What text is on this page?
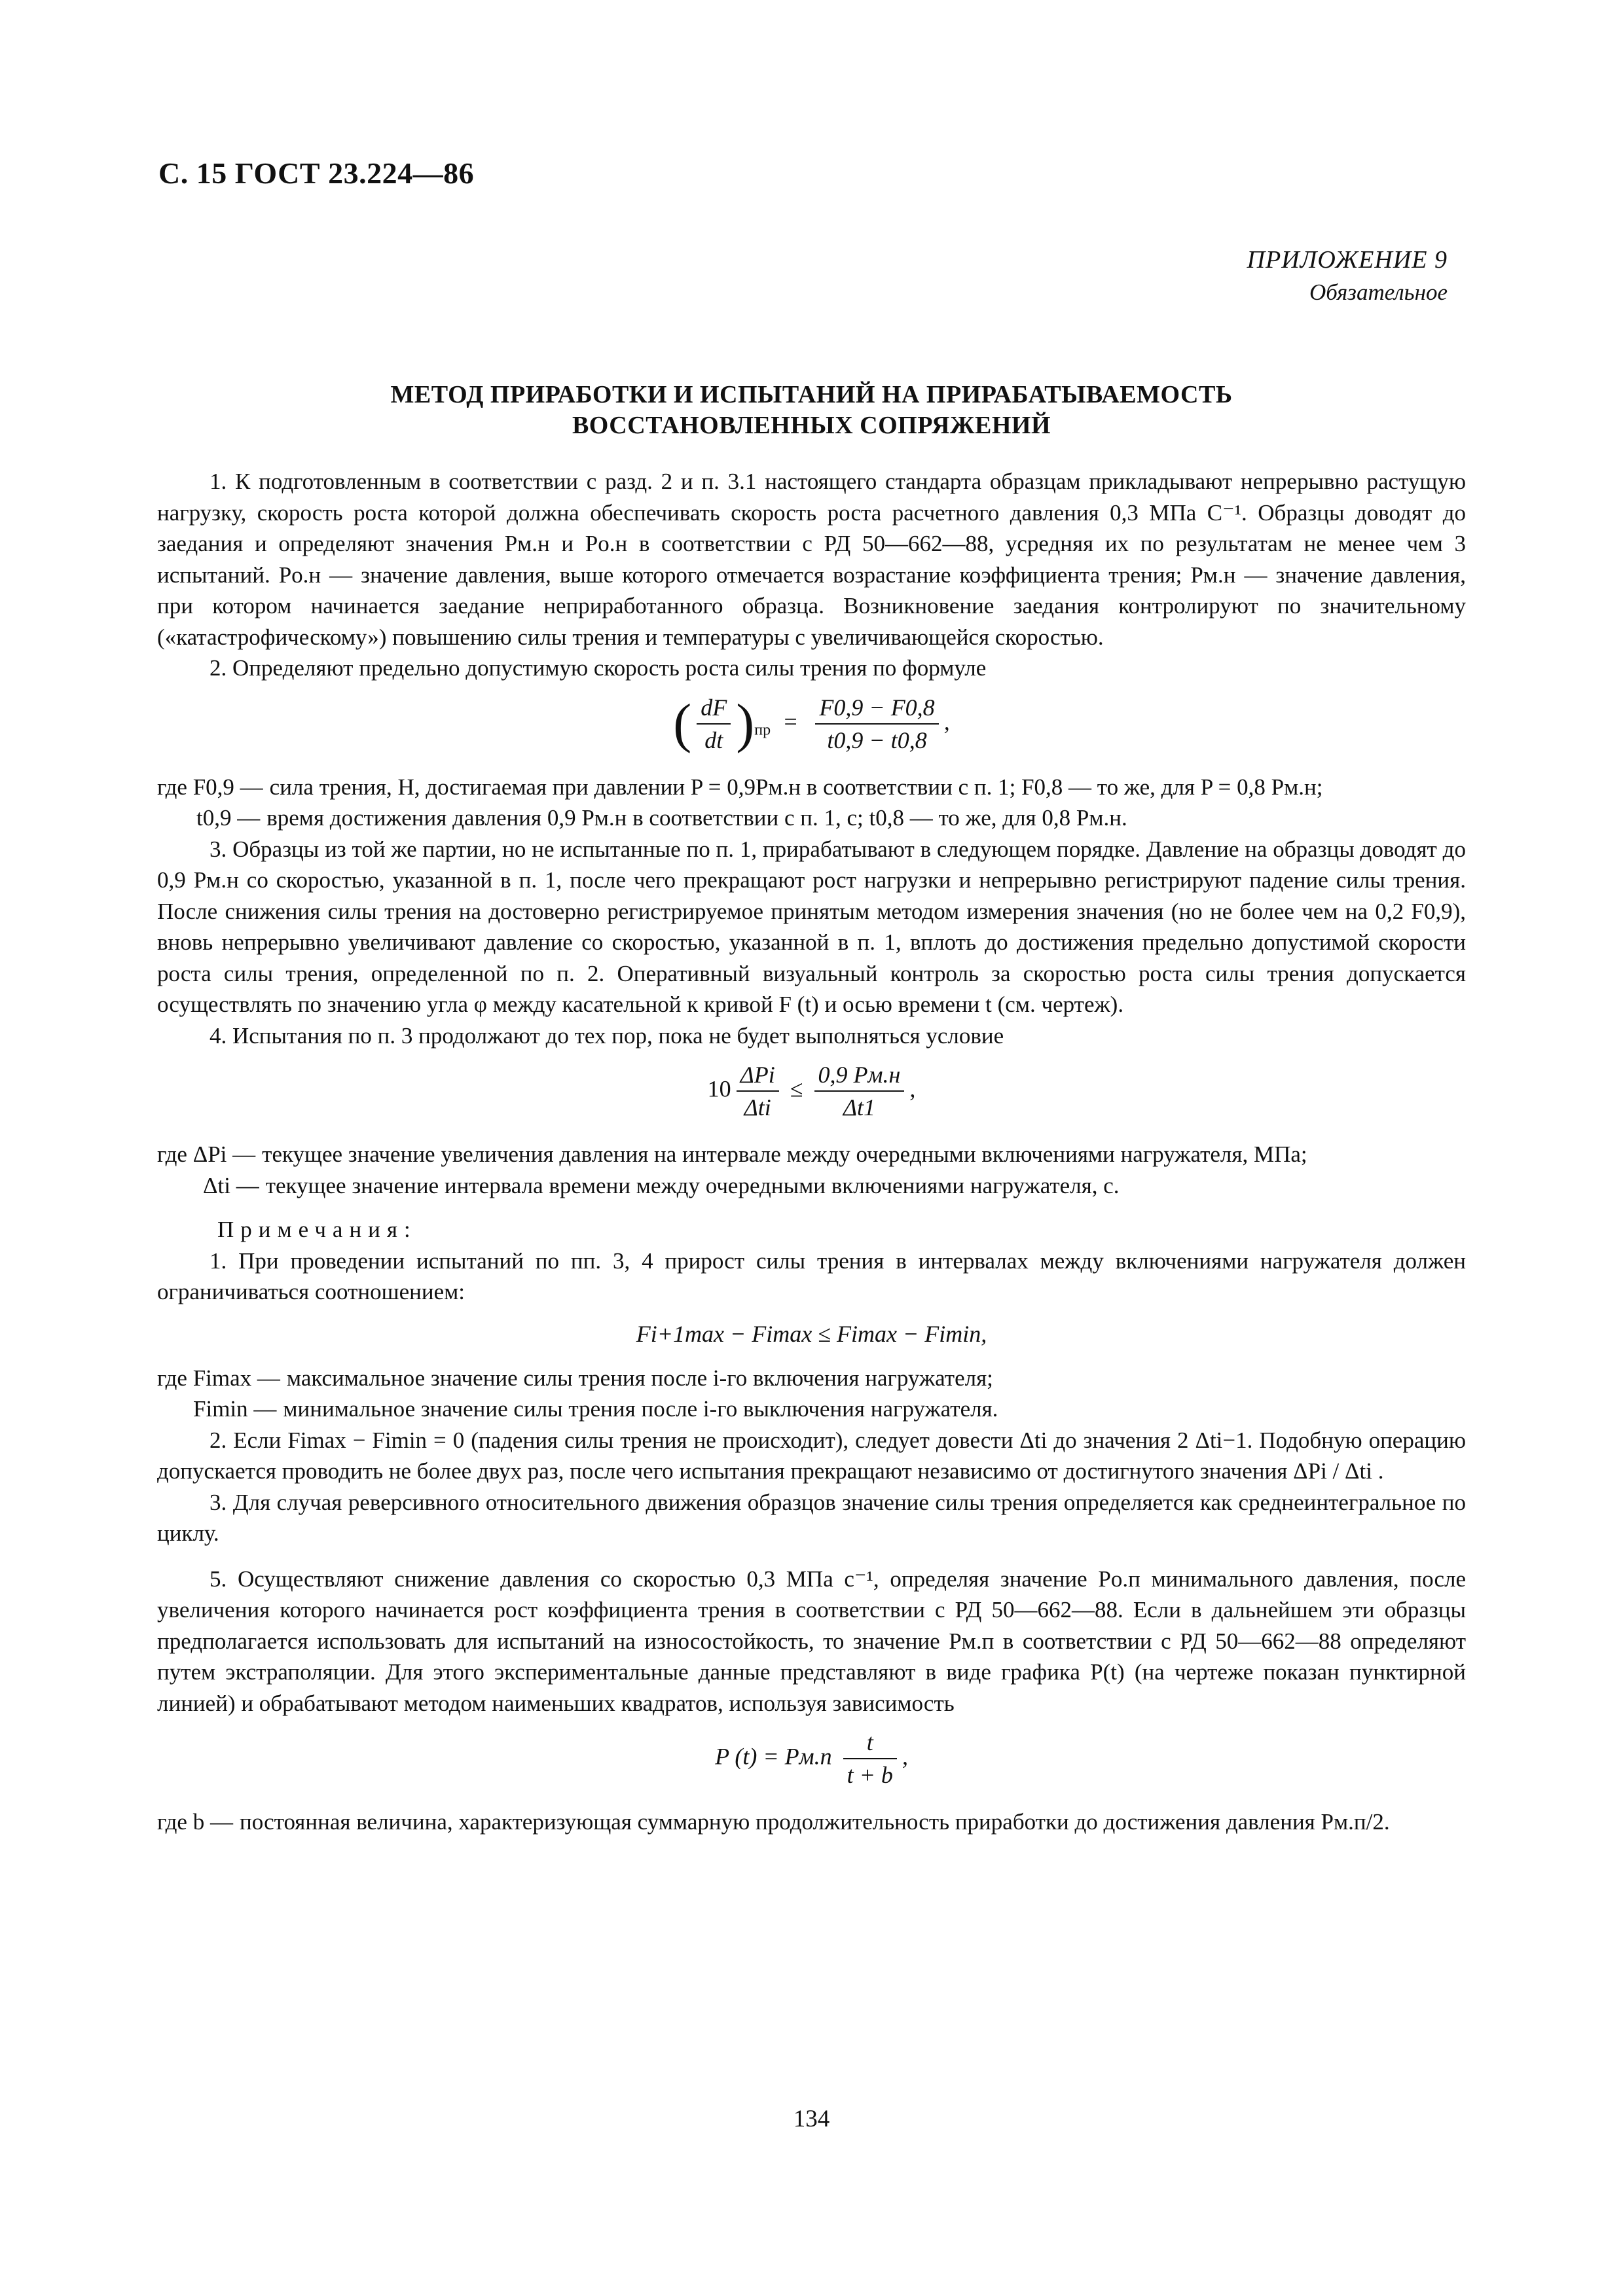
С. 15 ГОСТ 23.224—86
ПРИЛОЖЕНИЕ 9
Обязательное
МЕТОД ПРИРАБОТКИ И ИСПЫТАНИЙ НА ПРИРАБАТЫВАЕМОСТЬ
ВОССТАНОВЛЕННЫХ СОПРЯЖЕНИЙ

1. К подготовленным в соответствии с разд. 2 и п. 3.1 настоящего стандарта образцам прикладывают непрерывно растущую нагрузку, скорость роста которой должна обеспечивать скорость роста расчетного давления 0,3 МПа С⁻¹. Образцы доводят до заедания и определяют значения Pм.н и Pо.н в соответствии с РД 50—662—88, усредняя их по результатам не менее чем 3 испытаний. Pо.н — значение давления, выше которого отмечается возрастание коэффициента трения; Pм.н — значение давления, при котором начинается заедание неприработанного образца. Возникновение заедания контролируют по значительному («катастрофическому») повышению силы трения и температуры с увеличивающейся скоростью.

2. Определяют предельно допустимую скорость роста силы трения по формуле

( $\frac{dF}{dt} )_{пр} = \frac{F0,9 - F0,8}{t0,9 - t0,8}$ ,
где F0,9 — сила трения, Н, достигаемая при давлении P = 0,9Pм.н в соответствии с п. 1; F0,8 — то же, для P = 0,8 Pм.н;
t0,9 — время достижения давления 0,9 Pм.н в соответствии с п. 1, с; t0,8 — то же, для 0,8 Pм.н.

3. Образцы из той же партии, но не испытанные по п. 1, прирабатывают в следующем порядке. Давление на образцы доводят до 0,9 Pм.н со скоростью, указанной в п. 1, после чего прекращают рост нагрузки и непрерывно регистрируют падение силы трения. После снижения силы трения на достоверно регистрируемое принятым методом измерения значения (но не более чем на 0,2 F0,9), вновь непрерывно увеличивают давление со скоростью, указанной в п. 1, вплоть до достижения предельно допустимой скорости роста силы трения, определенной по п. 2. Оперативный визуальный контроль за скоростью роста силы трения допускается осуществлять по значению угла φ между касательной к кривой F (t) и осью времени t (см. чертеж).

4. Испытания по п. 3 продолжают до тех пор, пока не будет выполняться условие

$10 \frac{\text{ΔPi}}{\text{Δti}} \le \frac{0,9 Pм.н}{\Delta t1}$ ,
где ΔPi — текущее значение увеличения давления на интервале между очередными включениями нагружателя, МПа;
Δti — текущее значение интервала времени между очередными включениями нагружателя, с.

Примечания:

1. При проведении испытаний по пп. 3, 4 прирост силы трения в интервалах между включениями нагружателя должен ограничиваться соотношением:

Fi+1max − Fimax ≤ Fimax − Fimin,
где Fimax — максимальное значение силы трения после i-го включения нагружателя;
Fimin — минимальное значение силы трения после i-го выключения нагружателя.

2. Если Fimax − Fimin = 0 (падения силы трения не происходит), следует довести Δti до значения 2 Δti−1. Подобную операцию допускается проводить не более двух раз, после чего испытания прекращают независимо от достигнутого значения ΔPi / Δti .

3. Для случая реверсивного относительного движения образцов значение силы трения определяется как среднеинтегральное по циклу.

5. Осуществляют снижение давления со скоростью 0,3 МПа с⁻¹, определяя значение Pо.п минимального давления, после увеличения которого начинается рост коэффициента трения в соответствии с РД 50—662—88. Если в дальнейшем эти образцы предполагается использовать для испытаний на износостойкость, то значение Pм.п в соответствии с РД 50—662—88 определяют путем экстраполяции. Для этого экспериментальные данные представляют в виде графика P(t) (на чертеже показан пунктирной линией) и обрабатывают методом наименьших квадратов, используя зависимость

P $(t) = Pм.п \frac{t}{t + b}$ ,
где b — постоянная величина, характеризующая суммарную продолжительность приработки до достижения давления Pм.п/2.
134
